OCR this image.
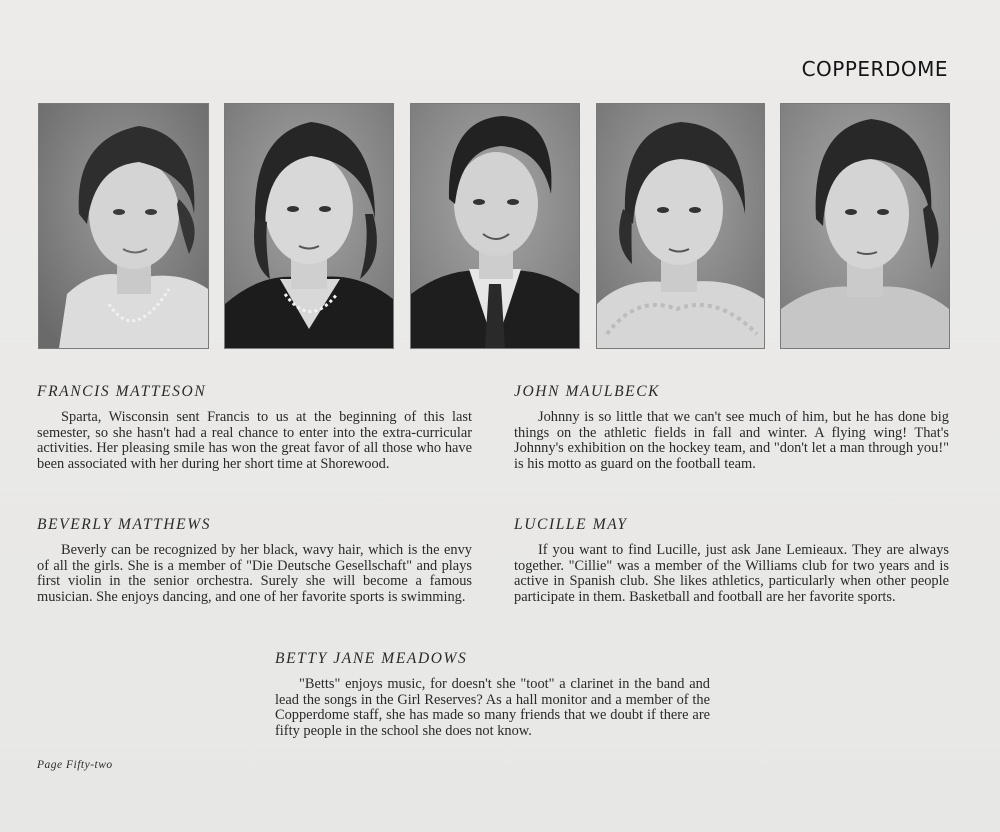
COPPERDOME
FRANCIS MATTESON

Sparta, Wisconsin sent Francis to us at the beginning of this last semester, so she hasn't had a real chance to enter into the extra-curricular activities. Her pleasing smile has won the great favor of all those who have been associated with her during her short time at Shorewood.

BEVERLY MATTHEWS

Beverly can be recognized by her black, wavy hair, which is the envy of all the girls. She is a member of "Die Deutsche Gesellschaft" and plays first violin in the senior orchestra. Surely she will become a famous musician. She enjoys dancing, and one of her favorite sports is swimming.

JOHN MAULBECK

Johnny is so little that we can't see much of him, but he has done big things on the athletic fields in fall and winter. A flying wing! That's Johnny's exhibition on the hockey team, and "don't let a man through you!" is his motto as guard on the football team.

LUCILLE MAY

If you want to find Lucille, just ask Jane Lemieaux. They are always together. "Cillie" was a member of the Williams club for two years and is active in Spanish club. She likes athletics, particularly when other people participate in them. Basketball and football are her favorite sports.

BETTY JANE MEADOWS

"Betts" enjoys music, for doesn't she "toot" a clarinet in the band and lead the songs in the Girl Reserves? As a hall monitor and a member of the Copperdome staff, she has made so many friends that we doubt if there are fifty people in the school she does not know.

Page Fifty-two
